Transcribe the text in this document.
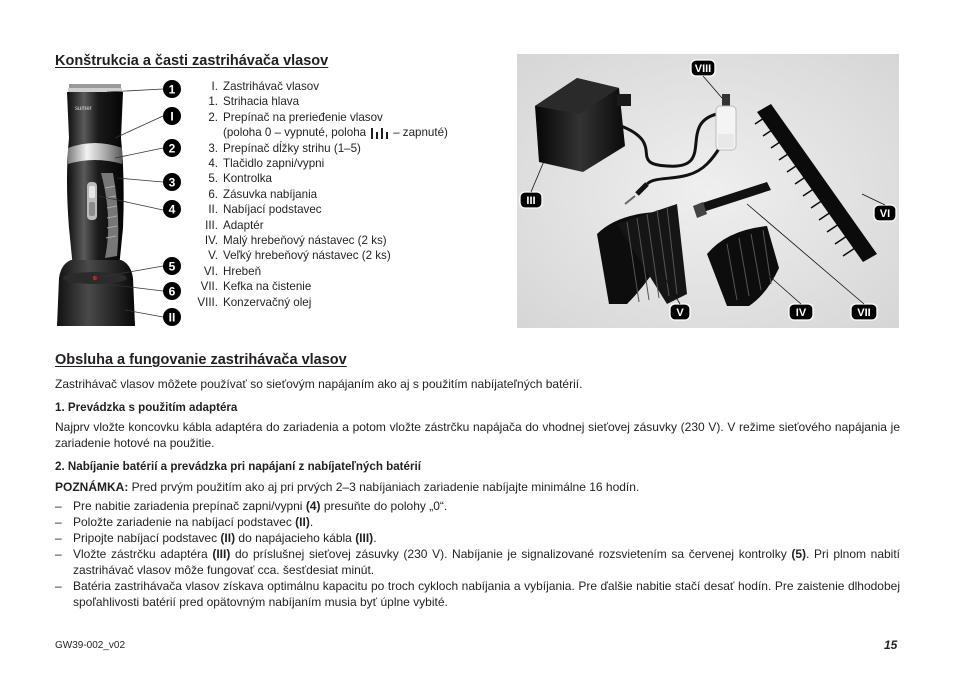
Konštrukcia a časti zastrihávača vlasov
sumer
1
I
2
3
4
5
6
II
I. Zastrihávač vlasov
1. Strihacia hlava
2. Prepínač na prerieđenie vlasov
(poloha 0 – vypnuté, poloha – zapnuté)
3. Prepínač dĺžky strihu (1–5)
4. Tlačidlo zapni/vypni
5. Kontrolka
6. Zásuvka nabíjania
II. Nabíjací podstavec
III. Adaptér
IV. Malý hrebeňový nástavec (2 ks)
V. Veľký hrebeňový nástavec (2 ks)
VI. Hrebeň
VII. Kefka na čistenie
VIII. Konzervačný olej
VIII
III
VI
V	IV	VII
Obsluha a fungovanie zastrihávača vlasov
Zastrihávač vlasov môžete používať so sieťovým napájaním ako aj s použitím nabíjateľných batérií.
1. Prevádzka s použitím adaptéra
Najprv vložte koncovku kábla adaptéra do zariadenia a potom vložte zástrčku napájača do vhodnej sieťovej zásuvky (230 V). V režime sieťového napájania je zariadenie hotové na použitie.
2. Nabíjanie batérií a prevádzka pri napájaní z nabíjateľných batérií
POZNÁMKA: Pred prvým použitím ako aj pri prvých 2–3 nabíjaniach zariadenie nabíjajte minimálne 16 hodín.
– Pre nabitie zariadenia prepínač zapni/vypni (4) presuňte do polohy „0“.
– Položte zariadenie na nabíjací podstavec (II).
– Pripojte nabíjací podstavec (II) do napájacieho kábla (III).
– Vložte zástrčku adaptéra (III) do príslušnej sieťovej zásuvky (230 V). Nabíjanie je signalizované rozsvietením sa červenej kontrolky (5). Pri plnom nabití zastrihávač vlasov môže fungovať cca. šesťdesiat minút.
– Batéria zastrihávača vlasov získava optimálnu kapacitu po troch cykloch nabíjania a vybíjania. Pre ďalšie nabitie stačí desať hodín. Pre zaistenie dlhodobej spoľahlivosti batérií pred opätovným nabíjaním musia byť úplne vybité.
GW39-002_v02	15
